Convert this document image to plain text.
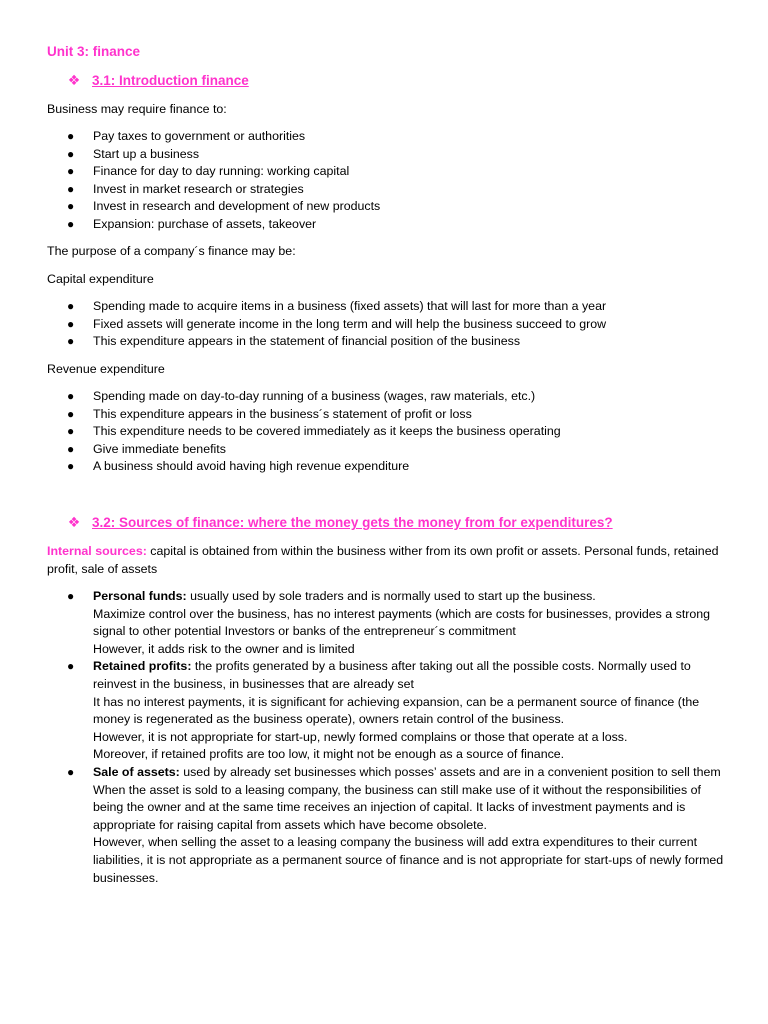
Unit 3: finance
❖ 3.1: Introduction finance
Business may require finance to:
● Pay taxes to government or authorities
● Start up a business
● Finance for day to day running: working capital
● Invest in market research or strategies
● Invest in research and development of new products
● Expansion: purchase of assets, takeover
The purpose of a company´s finance may be:
Capital expenditure
● Spending made to acquire items in a business (fixed assets) that will last for more than a year
● Fixed assets will generate income in the long term and will help the business succeed to grow
● This expenditure appears in the statement of financial position of the business
Revenue expenditure
● Spending made on day-to-day running of a business (wages, raw materials, etc.)
● This expenditure appears in the business´s statement of profit or loss
● This expenditure needs to be covered immediately as it keeps the business operating
● Give immediate benefits
● A business should avoid having high revenue expenditure
❖ 3.2: Sources of finance: where the money gets the money from for expenditures?
Internal sources: capital is obtained from within the business wither from its own profit or assets. Personal funds, retained profit, sale of assets
● Personal funds: usually used by sole traders and is normally used to start up the business.
Maximize control over the business, has no interest payments (which are costs for businesses, provides a strong signal to other potential Investors or banks of the entrepreneur´s commitment
However, it adds risk to the owner and is limited
● Retained profits: the profits generated by a business after taking out all the possible costs. Normally used to reinvest in the business, in businesses that are already set
It has no interest payments, it is significant for achieving expansion, can be a permanent source of finance (the money is regenerated as the business operate), owners retain control of the business.
However, it is not appropriate for start-up, newly formed complains or those that operate at a loss.
Moreover, if retained profits are too low, it might not be enough as a source of finance.
● Sale of assets: used by already set businesses which posses’ assets and are in a convenient position to sell them
When the asset is sold to a leasing company, the business can still make use of it without the responsibilities of being the owner and at the same time receives an injection of capital. It lacks of investment payments and is appropriate for raising capital from assets which have become obsolete.
However, when selling the asset to a leasing company the business will add extra expenditures to their current liabilities, it is not appropriate as a permanent source of finance and is not appropriate for start-ups of newly formed businesses.
